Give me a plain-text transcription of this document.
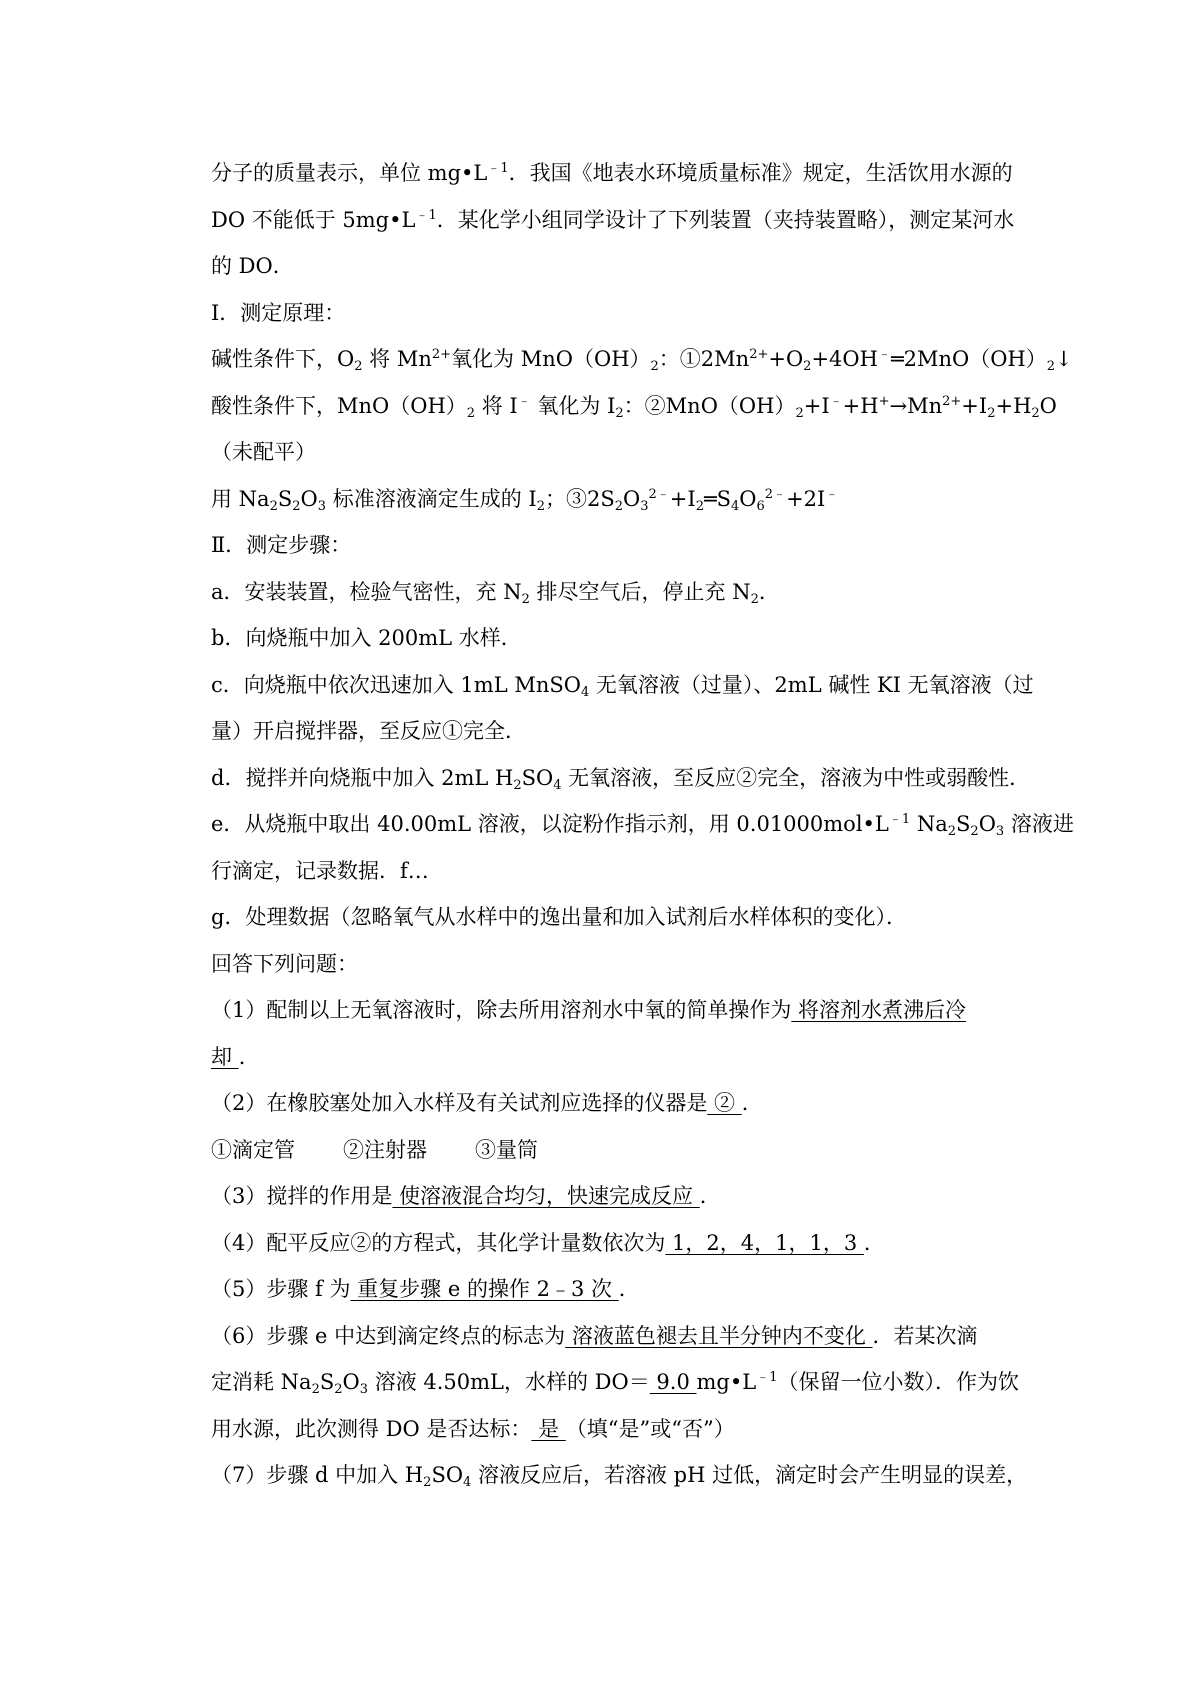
分子的质量表示，单位 $mg•L^{﹣1}$．我国《地表水环境质量标准》规定，生活饮用水源的
DO 不能低于 $5mg•L^{﹣1}$．某化学小组同学设计了下列装置（夹持装置略），测定某河水
的 DO．
Ⅰ．测定原理：
碱性条件下，$O_2$ 将 $Mn^{2+}$氧化为 $MnO(OH)_2$：$①2Mn^{2+}+O_2+4OH^﹣═2MnO(OH)_2↓$
酸性条件下，$MnO(OH)_2$ 将 I﹣ 氧化为 $I_2$：$②MnO(OH)_2+I^﹣+H^+\to Mn^{2+}+I_2+H_2O$
（未配平）
用 $Na_2S_2O_3$ 标准溶液滴定生成的 $I_2$；$③2S_2O_3^{2﹣}+I_2═S_4O_6^{2﹣}+2I^﹣$
Ⅱ．测定步骤：
a．安装装置，检验气密性，充 $N_2$ 排尽空气后，停止充 $N_2$．
b．向烧瓶中加入 200mL 水样．
c．向烧瓶中依次迅速加入 1mL MnSO$_4$ 无氧溶液（过量）、2mL 碱性 KI 无氧溶液（过
量）开启搅拌器，至反应①完全．
d．搅拌并向烧瓶中加入 2mL $H_2SO_4$ 无氧溶液，至反应②完全，溶液为中性或弱酸性．
e．从烧瓶中取出 40.00mL 溶液，以淀粉作指示剂，用 $0.01000mol•L^{﹣1}$ $Na_2S_2O_3$ 溶液进
行滴定，记录数据．f…
g．处理数据（忽略氧气从水样中的逸出量和加入试剂后水样体积的变化）．
回答下列问题：
（1）配制以上无氧溶液时，除去所用溶剂水中氧的简单操作为 将溶剂水煮沸后冷
却 ．
（2）在橡胶塞处加入水样及有关试剂应选择的仪器是 ② ．
①滴定管 ②注射器 ③量筒
（3）搅拌的作用是 使溶液混合均匀，快速完成反应 ．
（4）配平反应②的方程式，其化学计量数依次为 1，2，4，1，1，3 ．
（5）步骤 f 为 重复步骤 e 的操作 2﹣3 次 ．
（6）步骤 e 中达到滴定终点的标志为 溶液蓝色褪去且半分钟内不变化 ．若某次滴
定消耗 $Na_2S_2O_3$ 溶液 4.50mL，水样的 DO＝ 9.0 $mg•L^{﹣1}$（保留一位小数）．作为饮
用水源，此次测得 DO 是否达标： 是 （填“是”或“否”）
（7）步骤 d 中加入 $H_2SO_4$ 溶液反应后，若溶液 pH 过低，滴定时会产生明显的误差，
